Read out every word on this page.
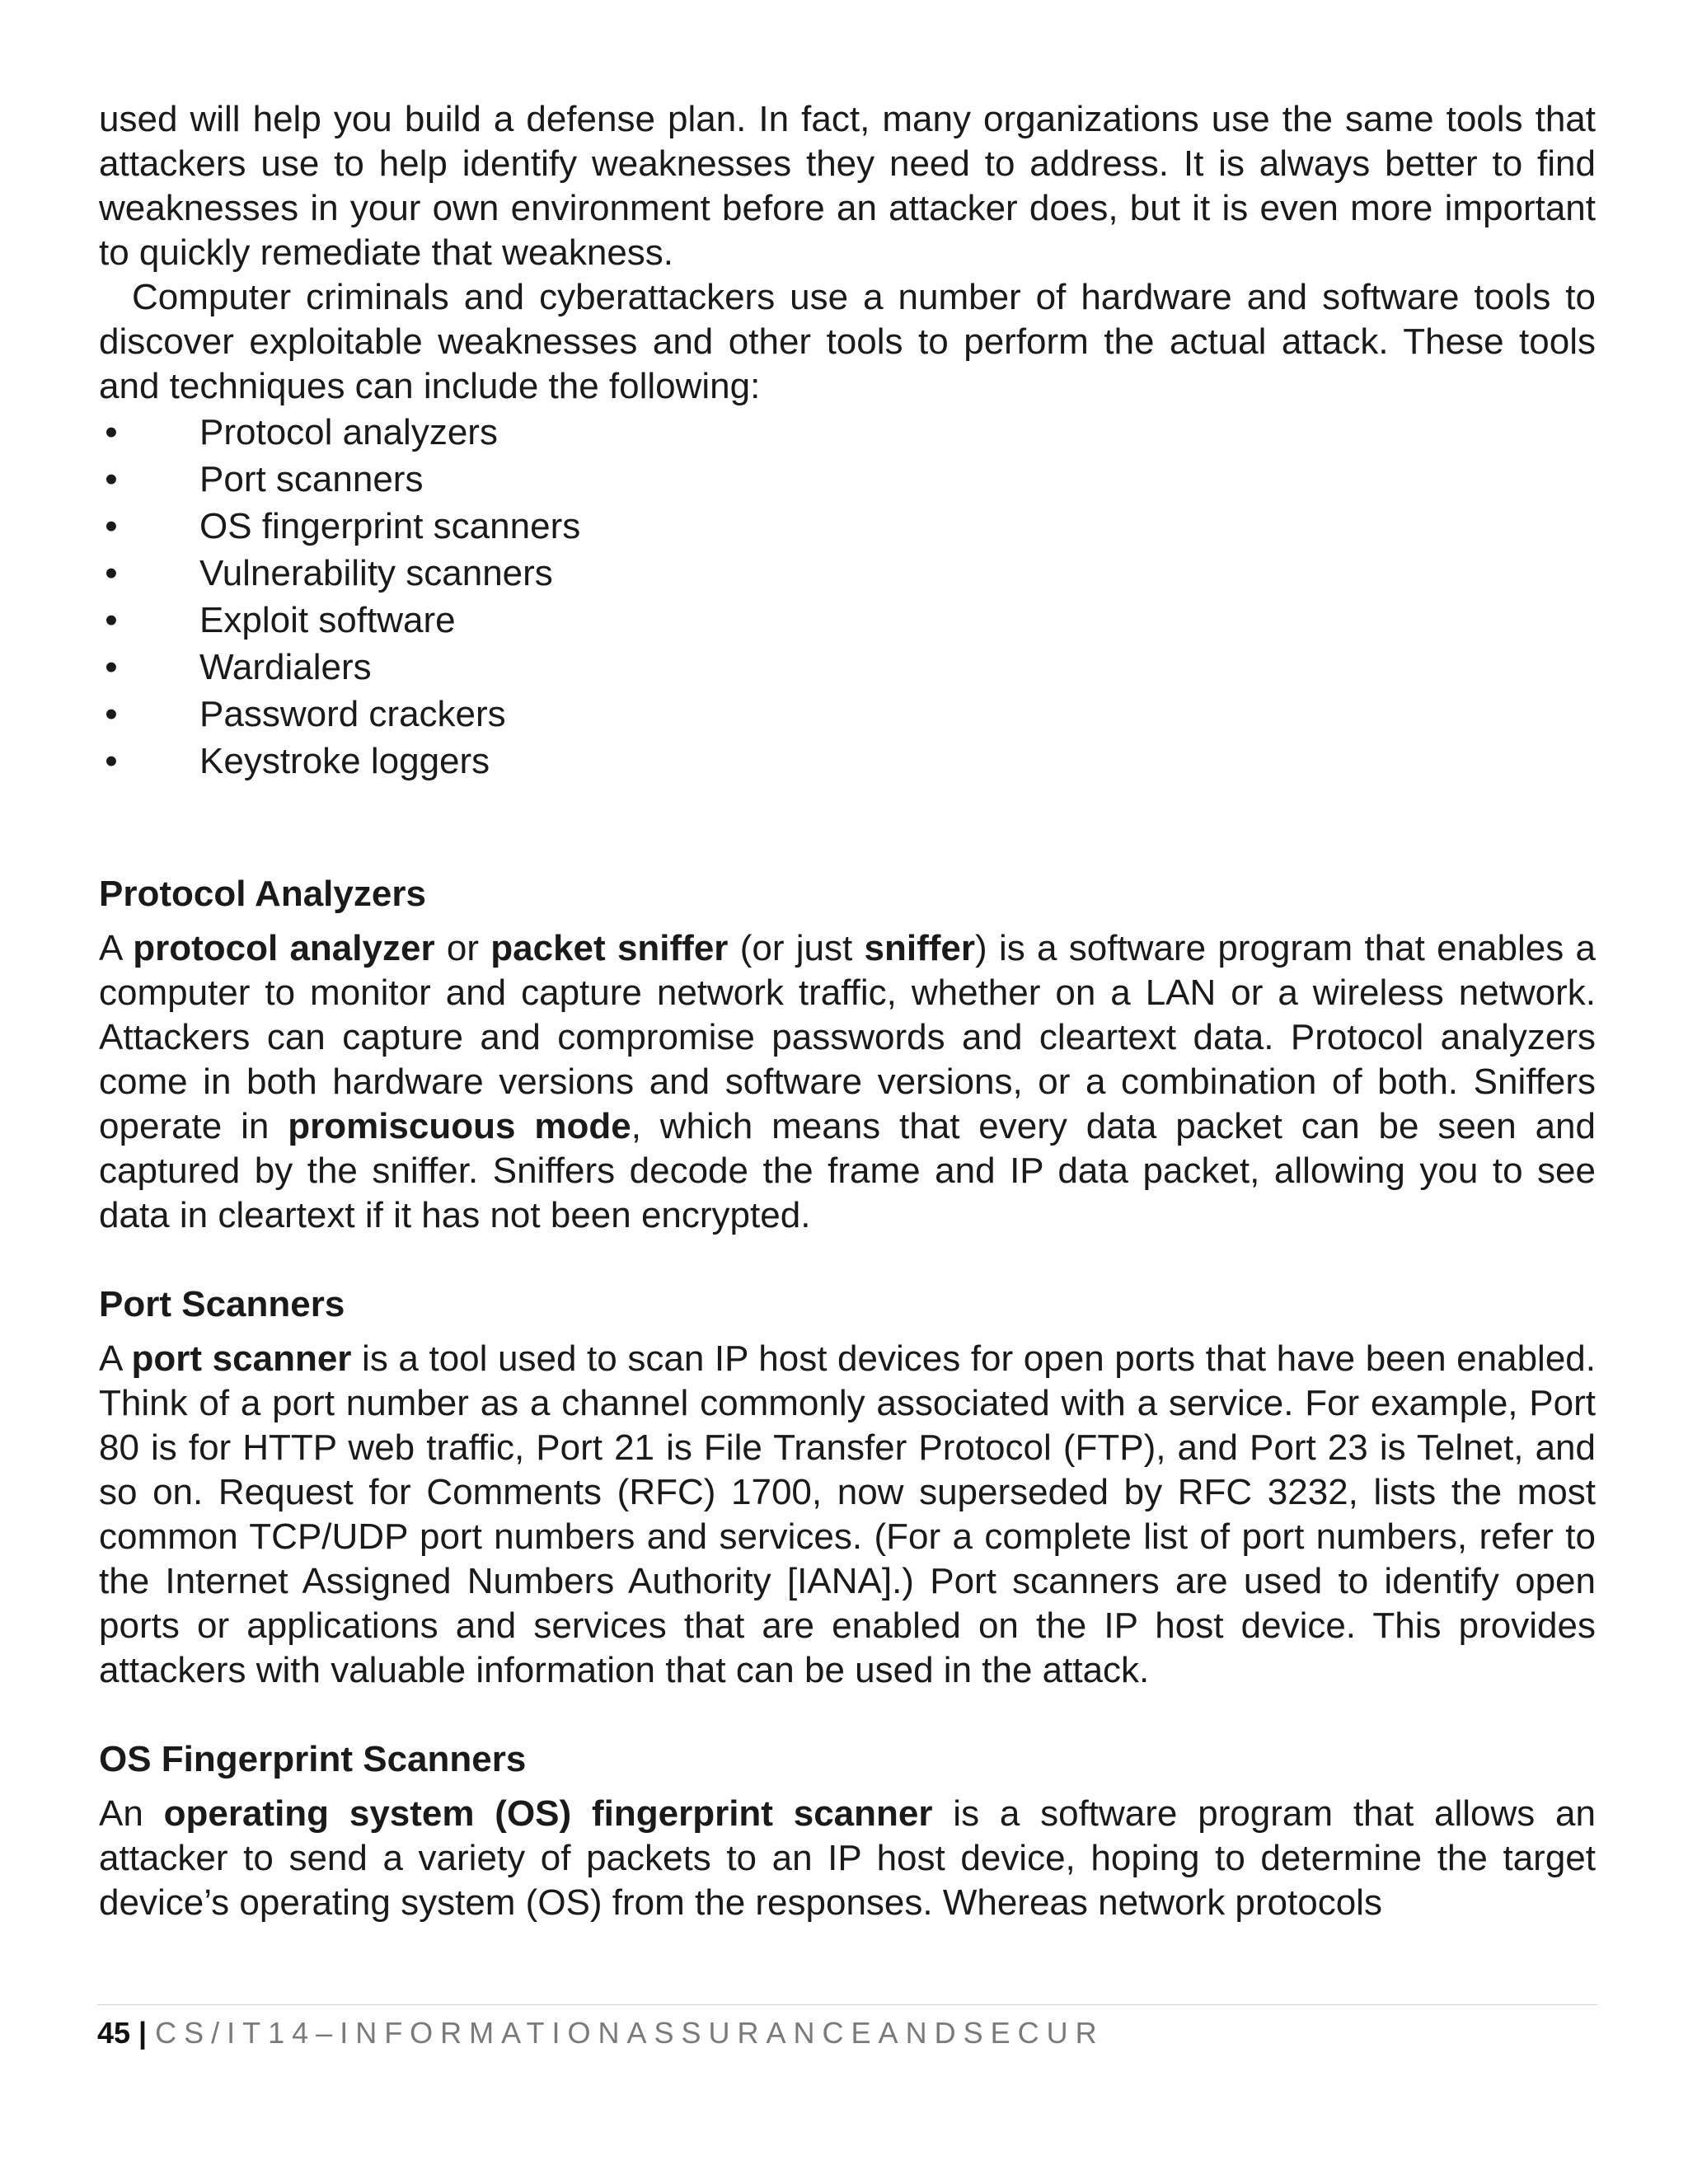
used will help you build a defense plan. In fact, many organizations use the same tools that attackers use to help identify weaknesses they need to address. It is always better to find weaknesses in your own environment before an attacker does, but it is even more important to quickly remediate that weakness.

Computer criminals and cyberattackers use a number of hardware and software tools to discover exploitable weaknesses and other tools to perform the actual attack. These tools and techniques can include the following:

• Protocol analyzers
• Port scanners
• OS fingerprint scanners
• Vulnerability scanners
• Exploit software
• Wardialers
• Password crackers
• Keystroke loggers
Protocol Analyzers

A protocol analyzer or packet sniffer (or just sniffer) is a software program that enables a computer to monitor and capture network traffic, whether on a LAN or a wireless network. Attackers can capture and compromise passwords and cleartext data. Protocol analyzers come in both hardware versions and software versions, or a combination of both. Sniffers operate in promiscuous mode, which means that every data packet can be seen and captured by the sniffer. Sniffers decode the frame and IP data packet, allowing you to see data in cleartext if it has not been encrypted.

Port Scanners

A port scanner is a tool used to scan IP host devices for open ports that have been enabled. Think of a port number as a channel commonly associated with a service. For example, Port 80 is for HTTP web traffic, Port 21 is File Transfer Protocol (FTP), and Port 23 is Telnet, and so on. Request for Comments (RFC) 1700, now superseded by RFC 3232, lists the most common TCP/UDP port numbers and services. (For a complete list of port numbers, refer to the Internet Assigned Numbers Authority [IANA].) Port scanners are used to identify open ports or applications and services that are enabled on the IP host device. This provides attackers with valuable information that can be used in the attack.

OS Fingerprint Scanners

An operating system (OS) fingerprint scanner is a software program that allows an attacker to send a variety of packets to an IP host device, hoping to determine the target device’s operating system (OS) from the responses. Whereas network protocols

45 | CS/IT14–INFORMATIONASSURANCEANDSECUR
